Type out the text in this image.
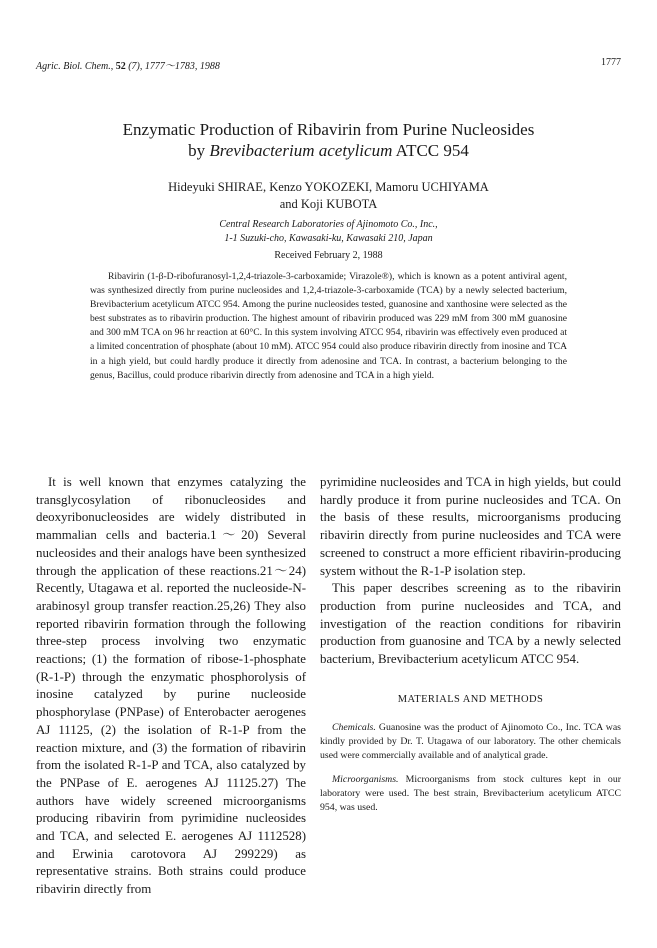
Agric. Biol. Chem., 52 (7), 1777～1783, 1988	1777
Enzymatic Production of Ribavirin from Purine Nucleosides
by Brevibacterium acetylicum ATCC 954
Hideyuki SHIRAE, Kenzo YOKOZEKI, Mamoru UCHIYAMA
and Koji KUBOTA
Central Research Laboratories of Ajinomoto Co., Inc.,
1-1 Suzuki-cho, Kawasaki-ku, Kawasaki 210, Japan
Received February 2, 1988

Ribavirin (1-β-D-ribofuranosyl-1,2,4-triazole-3-carboxamide; Virazole®), which is known as a potent antiviral agent, was synthesized directly from purine nucleosides and 1,2,4-triazole-3-carboxamide (TCA) by a newly selected bacterium, Brevibacterium acetylicum ATCC 954. Among the purine nucleosides tested, guanosine and xanthosine were selected as the best substrates as to ribavirin production. The highest amount of ribavirin produced was 229 mM from 300 mM guanosine and 300 mM TCA on 96 hr reaction at 60°C. In this system involving ATCC 954, ribavirin was effectively even produced at a limited concentration of phosphate (about 10 mM). ATCC 954 could also produce ribavirin directly from inosine and TCA in a high yield, but could hardly produce it directly from adenosine and TCA. In contrast, a bacterium belonging to the genus, Bacillus, could produce ribarivin directly from adenosine and TCA in a high yield.

It is well known that enzymes catalyzing the transglycosylation of ribonucleosides and deoxyribonucleosides are widely distributed in mammalian cells and bacteria.1～20) Several nucleosides and their analogs have been synthesized through the application of these reactions.21～24) Recently, Utagawa et al. reported the nucleoside-N-arabinosyl group transfer reaction.25,26) They also reported ribavirin formation through the following three-step process involving two enzymatic reactions; (1) the formation of ribose-1-phosphate (R-1-P) through the enzymatic phosphorolysis of inosine catalyzed by purine nucleoside phosphorylase (PNPase) of Enterobacter aerogenes AJ 11125, (2) the isolation of R-1-P from the reaction mixture, and (3) the formation of ribavirin from the isolated R-1-P and TCA, also catalyzed by the PNPase of E. aerogenes AJ 11125.27) The authors have widely screened microorganisms producing ribavirin from pyrimidine nucleosides and TCA, and selected E. aerogenes AJ 1112528) and Erwinia carotovora AJ 299229) as representative strains. Both strains could produce ribavirin directly from

pyrimidine nucleosides and TCA in high yields, but could hardly produce it from purine nucleosides and TCA. On the basis of these results, microorganisms producing ribavirin directly from purine nucleosides and TCA were screened to construct a more efficient ribavirin-producing system without the R-1-P isolation step.

This paper describes screening as to the ribavirin production from purine nucleosides and TCA, and investigation of the reaction conditions for ribavirin production from guanosine and TCA by a newly selected bacterium, Brevibacterium acetylicum ATCC 954.

MATERIALS AND METHODS

Chemicals. Guanosine was the product of Ajinomoto Co., Inc. TCA was kindly provided by Dr. T. Utagawa of our laboratory. The other chemicals used were commercially available and of analytical grade.

Microorganisms. Microorganisms from stock cultures kept in our laboratory were used. The best strain, Brevibacterium acetylicum ATCC 954, was used.
